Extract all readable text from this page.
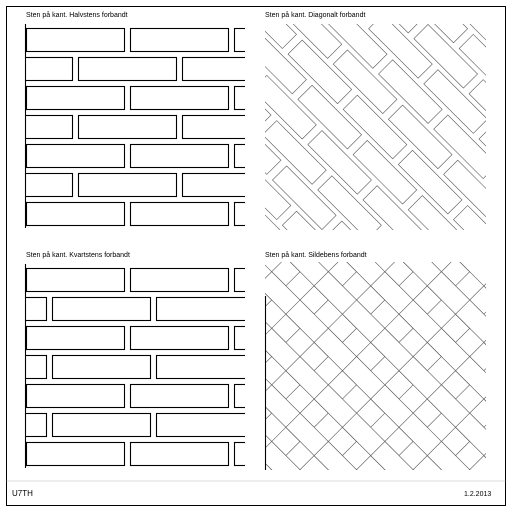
Sten på kant. Halvstens forbandt	Sten på kant. Diagonalt forbandt
Sten på kant. Kvartstens forbandt	Sten på kant. Sildebens forbandt
U7TH	1.2.2013
